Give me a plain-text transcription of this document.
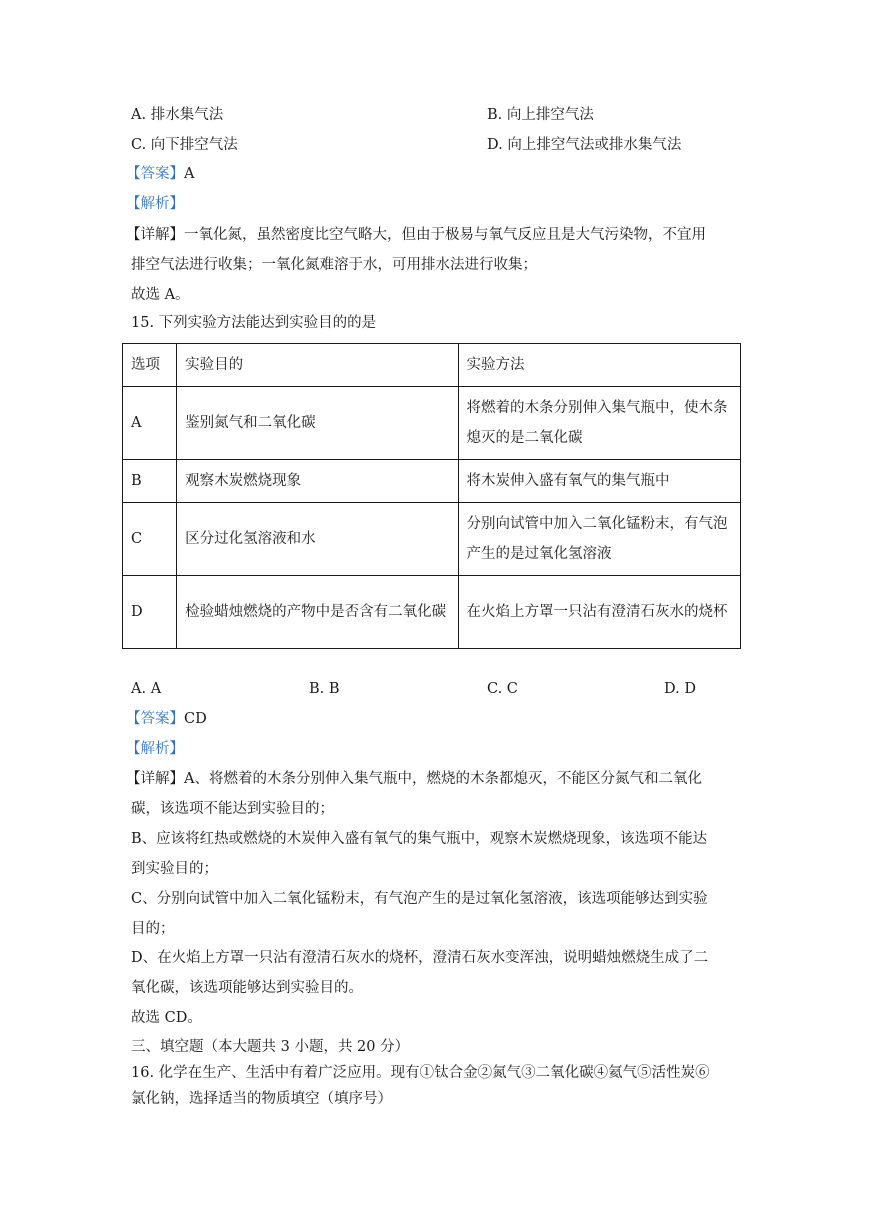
A. 排水集气法	B. 向上排空气法
C. 向下排空气法	D. 向上排空气法或排水集气法
【答案】A
【解析】
【详解】一氧化氮，虽然密度比空气略大，但由于极易与氧气反应且是大气污染物，不宜用
排空气法进行收集；一氧化氮难溶于水，可用排水法进行收集；
故选 A。
15. 下列实验方法能达到实验目的的是
选项	实验目的	实验方法
A	鉴别氮气和二氧化碳	将燃着的木条分别伸入集气瓶中，使木条熄灭的是二氧化碳
B	观察木炭燃烧现象	将木炭伸入盛有氧气的集气瓶中
C	区分过化氢溶液和水	分别向试管中加入二氧化锰粉末，有气泡产生的是过氧化氢溶液
D	检验蜡烛燃烧的产物中是否含有二氧化碳	在火焰上方罩一只沾有澄清石灰水的烧杯
A. A	B. B	C. C	D. D
【答案】CD
【解析】
【详解】A、将燃着的木条分别伸入集气瓶中，燃烧的木条都熄灭，不能区分氮气和二氧化
碳，该选项不能达到实验目的；
B、应该将红热或燃烧的木炭伸入盛有氧气的集气瓶中，观察木炭燃烧现象，该选项不能达
到实验目的；
C、分别向试管中加入二氧化锰粉末，有气泡产生的是过氧化氢溶液，该选项能够达到实验
目的；
D、在火焰上方罩一只沾有澄清石灰水的烧杯，澄清石灰水变浑浊，说明蜡烛燃烧生成了二
氧化碳，该选项能够达到实验目的。
故选 CD。
三、填空题（本大题共 3 小题，共 20 分）
16. 化学在生产、生活中有着广泛应用。现有①钛合金②氮气③二氧化碳④氦气⑤活性炭⑥
氯化钠，选择适当的物质填空（填序号）
